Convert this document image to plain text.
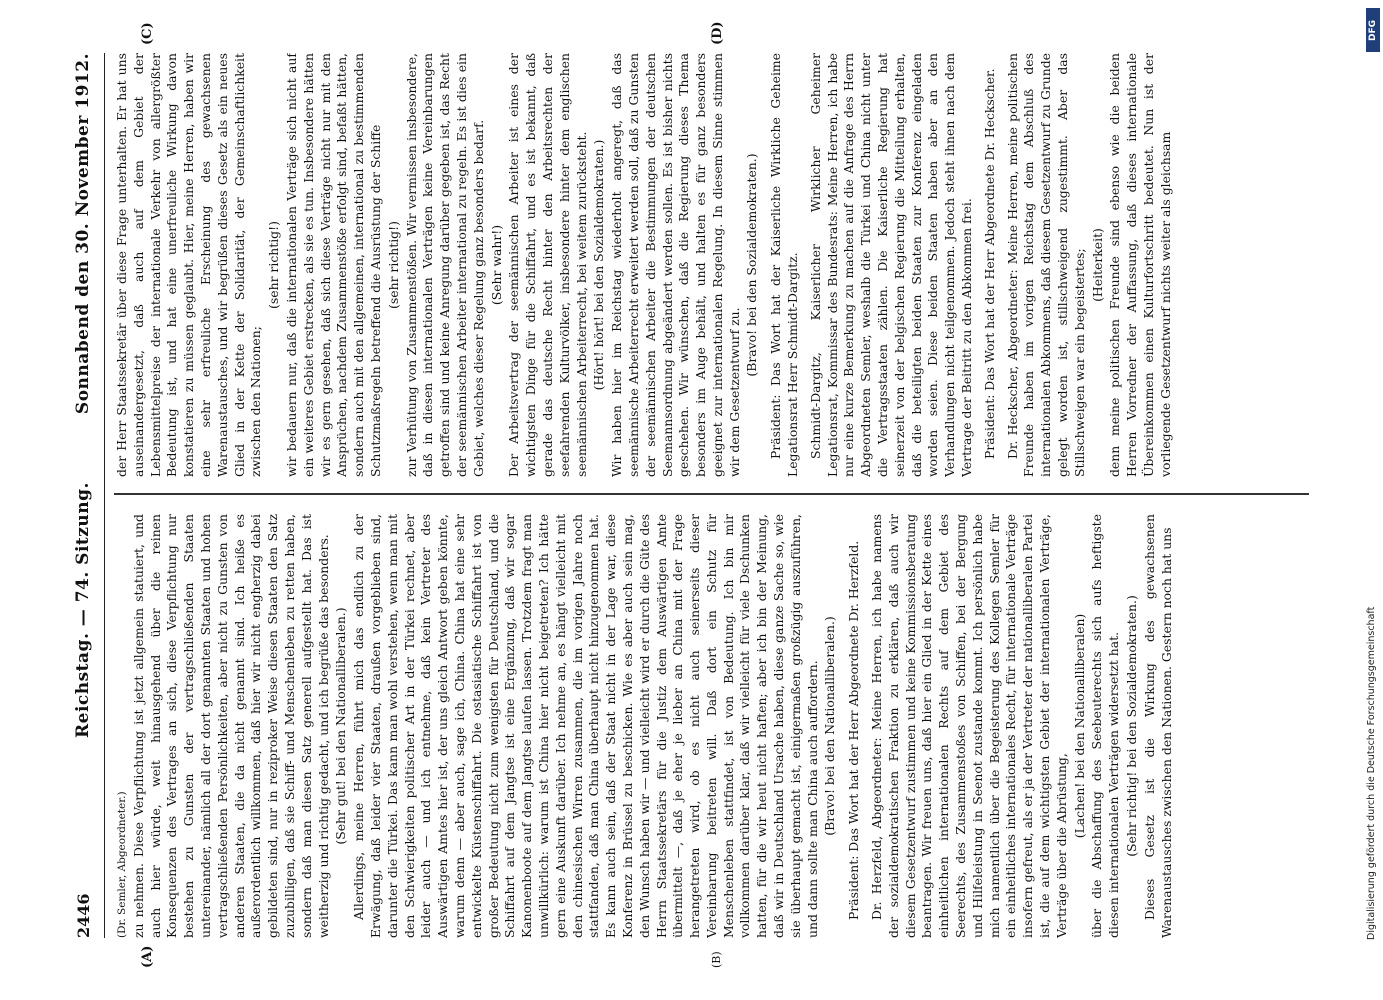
2446
Reichstag. — 74. Sitzung.
Sonnabend den 30. November 1912.
(A)	(B)
(C)	(D)
(Dr. Semler, Abgeordneter.) zu nehmen. Diese Verpflichtung ist jetzt allgemein statuiert, und auch hier würde, weit hinausgehend über die reinen Konsequenzen des Vertrages an sich, diese Verpflichtung nur bestehen zu Gunsten der vertragschließenden Staaten untereinander, nämlich all der dort genannten Staaten und hohen vertragschließenden Persönlichkeiten, aber nicht zu Gunsten von anderen Staaten, die da nicht genannt sind. Ich heiße es außerordentlich willkommen, daß hier wir nicht engherzig dabei gebildeten sind, nur in reziproker Weise diesen Staaten den Satz zuzubilligen, daß sie Schiff- und Menschenleben zu retten haben, sondern daß man diesen Satz generell aufgestellt hat. Das ist weitherzig und richtig gedacht, und ich begrüße das besonders. (Sehr gut! bei den Nationalliberalen.) Allerdings, meine Herren, führt mich das endlich zu der Erwägung, daß leider vier Staaten, draußen vorgeblieben sind, darunter die Türkei. Das kann man wohl verstehen, wenn man mit den Schwierigkeiten politischer Art in der Türkei rechnet, aber leider auch — und ich entnehme, daß kein Vertreter des Auswärtigen Amtes hier ist, der uns gleich Antwort geben könnte, warum denn — aber auch, sage ich, China. China hat eine sehr entwickelte Küstenschiffahrt. Die ostasiatische Schiffahrt ist von großer Bedeutung nicht zum wenigsten für Deutschland, und die Schiffahrt auf dem Jangtse ist eine Ergänzung, daß wir sogar Kanonenboote auf dem Jangtse laufen lassen. Trotzdem fragt man unwillkürlich: warum ist China hier nicht beigetreten? Ich hätte gern eine Auskunft darüber. Ich nehme an, es hängt vielleicht mit den chinesischen Wirren zusammen, die im vorigen Jahre noch stattfanden, daß man China überhaupt nicht hinzugenommen hat. Es kann auch sein, daß der Staat nicht in der Lage war, diese Konferenz in Brüssel zu beschicken. Wie es aber auch sein mag, den Wunsch haben wir — und vielleicht wird er durch die Güte des Herrn Staatssekretärs für die Justiz dem Auswärtigen Amte übermittelt —, daß je eher je lieber an China mit der Frage herangetreten wird, ob es nicht auch seinerseits dieser Vereinbarung beitreten will. Daß dort ein Schutz für Menschenleben stattfindet, ist von Bedeutung. Ich bin mir vollkommen darüber klar, daß wir vielleicht für viele Dschunken hatten, für die wir heut nicht haften; aber ich bin der Meinung, daß wir in Deutschland Ursache haben, diese ganze Sache so, wie sie überhaupt gemacht ist, einigermaßen großzügig auszuführen, und dann sollte man China auch auffordern. (Bravo! bei den Nationalliberalen.) Präsident: Das Wort hat der Herr Abgeordnete Dr. Herzfeld. Dr. Herzfeld, Abgeordneter: Meine Herren, ich habe namens der sozialdemokratischen Fraktion zu erklären, daß auch wir diesem Gesetzentwurf zustimmen und keine Kommissionsberatung beantragen. Wir freuen uns, daß hier ein Glied in der Kette eines einheitlichen internationalen Rechts auf dem Gebiet des Seerechts, des Zusammenstoßes von Schiffen, bei der Bergung und Hilfeleistung in Seenot zustande kommt. Ich persönlich habe mich namentlich über die Begeisterung des Kollegen Semler für ein einheitliches internationales Recht, für internationale Verträge insofern gefreut, als er ja der Vertreter der nationalliberalen Partei ist, die auf dem wichtigsten Gebiet der internationalen Verträge, Verträge über die Abrüstung,
(Lachen! bei den Nationalliberalen) über die Abschaffung des Seebeuterechts sich aufs heftigste diesen internationalen Verträgen widersetzt hat. (Sehr richtig! bei den Sozialdemokraten.) Dieses Gesetz ist die Wirkung des gewachsenen Warenaustausches zwischen den Nationen. Gestern noch hat uns
der Herr Staatssekretär über diese Frage unterhalten. Er hat uns auseinandergesetzt, daß auch auf dem Gebiet der Lebensmittelpreise der internationale Verkehr von allergrößter Bedeutung ist, und hat eine unerfreuliche Wirkung davon konstatieren zu müssen geglaubt. Hier, meine Herren, haben wir eine sehr erfreuliche Erscheinung des gewachsenen Warenaustausches, und wir begrüßen dieses Gesetz als ein neues Glied in der Kette der Solidarität, der Gemeinschaftlichkeit zwischen den Nationen;
(sehr richtig!) wir bedauern nur, daß die internationalen Verträge sich nicht auf ein weiteres Gebiet erstrecken, als sie es tun. Insbesondere hätten wir es gern gesehen, daß sich diese Verträge nicht nur mit den Ansprüchen, nachdem Zusammenstöße erfolgt sind, befaßt hätten, sondern auch mit den allgemeinen, international zu bestimmenden Schutzmaßregeln betreffend die Ausrüstung der Schiffe (sehr richtig!) zur Verhütung von Zusammenstößen. Wir vermissen insbesondere, daß in diesen internationalen Verträgen keine Vereinbarungen getroffen sind und keine Anregung darüber gegeben ist, das Recht der seemännischen Arbeiter international zu regeln. Es ist dies ein Gebiet, welches dieser Regelung ganz besonders bedarf. (Sehr wahr!) Der Arbeitsvertrag der seemännischen Arbeiter ist eines der wichtigsten Dinge für die Schiffahrt, und es ist bekannt, daß gerade das deutsche Recht hinter den Arbeitsrechten der seefahrenden Kulturvölker, insbesondere hinter dem englischen seemännischen Arbeiterrecht, bei weitem zurücksteht. (Hört! hört! bei den Sozialdemokraten.) Wir haben hier im Reichstag wiederholt angeregt, daß das seemännische Arbeiterrecht erweitert werden soll, daß zu Gunsten der seemännischen Arbeiter die Bestimmungen der deutschen Seemannsordnung abgeändert werden sollen. Es ist bisher nichts geschehen. Wir wünschen, daß die Regierung dieses Thema besonders im Auge behält, und halten es für ganz besonders geeignet zur internationalen Regelung. In diesem Sinne stimmen wir dem Gesetzentwurf zu.
(Bravo! bei den Sozialdemokraten.) Präsident: Das Wort hat der Kaiserliche Wirkliche Geheime Legationsrat Herr Schmidt-Dargitz. Schmidt-Dargitz, Kaiserlicher Wirklicher Geheimer Legationsrat, Kommissar des Bundesrats: Meine Herren, ich habe nur eine kurze Bemerkung zu machen auf die Anfrage des Herrn Abgeordneten Semler, weshalb die Türkei und China nicht unter die Vertragsstaaten zählen. Die Kaiserliche Regierung hat seinerzeit von der belgischen Regierung die Mitteilung erhalten, daß die beteiligten beiden Staaten zur Konferenz eingeladen worden seien. Diese beiden Staaten haben aber an den Verhandlungen nicht teilgenommen. Jedoch steht ihnen nach dem Vertrage der Beitritt zu den Abkommen frei. Präsident: Das Wort hat der Herr Abgeordnete Dr. Heckscher. Dr. Heckscher, Abgeordneter: Meine Herren, meine politischen Freunde haben im vorigen Reichstag dem Abschluß des internationalen Abkommens, daß diesem Gesetzentwurf zu Grunde gelegt worden ist, stillschweigend zugestimmt. Aber das Stillschweigen war ein begeistertes; (Heiterkeit) denn meine politischen Freunde sind ebenso wie die beiden Herren Vorredner der Auffassung, daß dieses internationale Übereinkommen einen Kulturfortschritt bedeutet. Nun ist der vorliegende Gesetzentwurf nichts weiter als gleichsam
DFG
Digitalisierung gefördert durch die Deutsche Forschungsgemeinschaft
